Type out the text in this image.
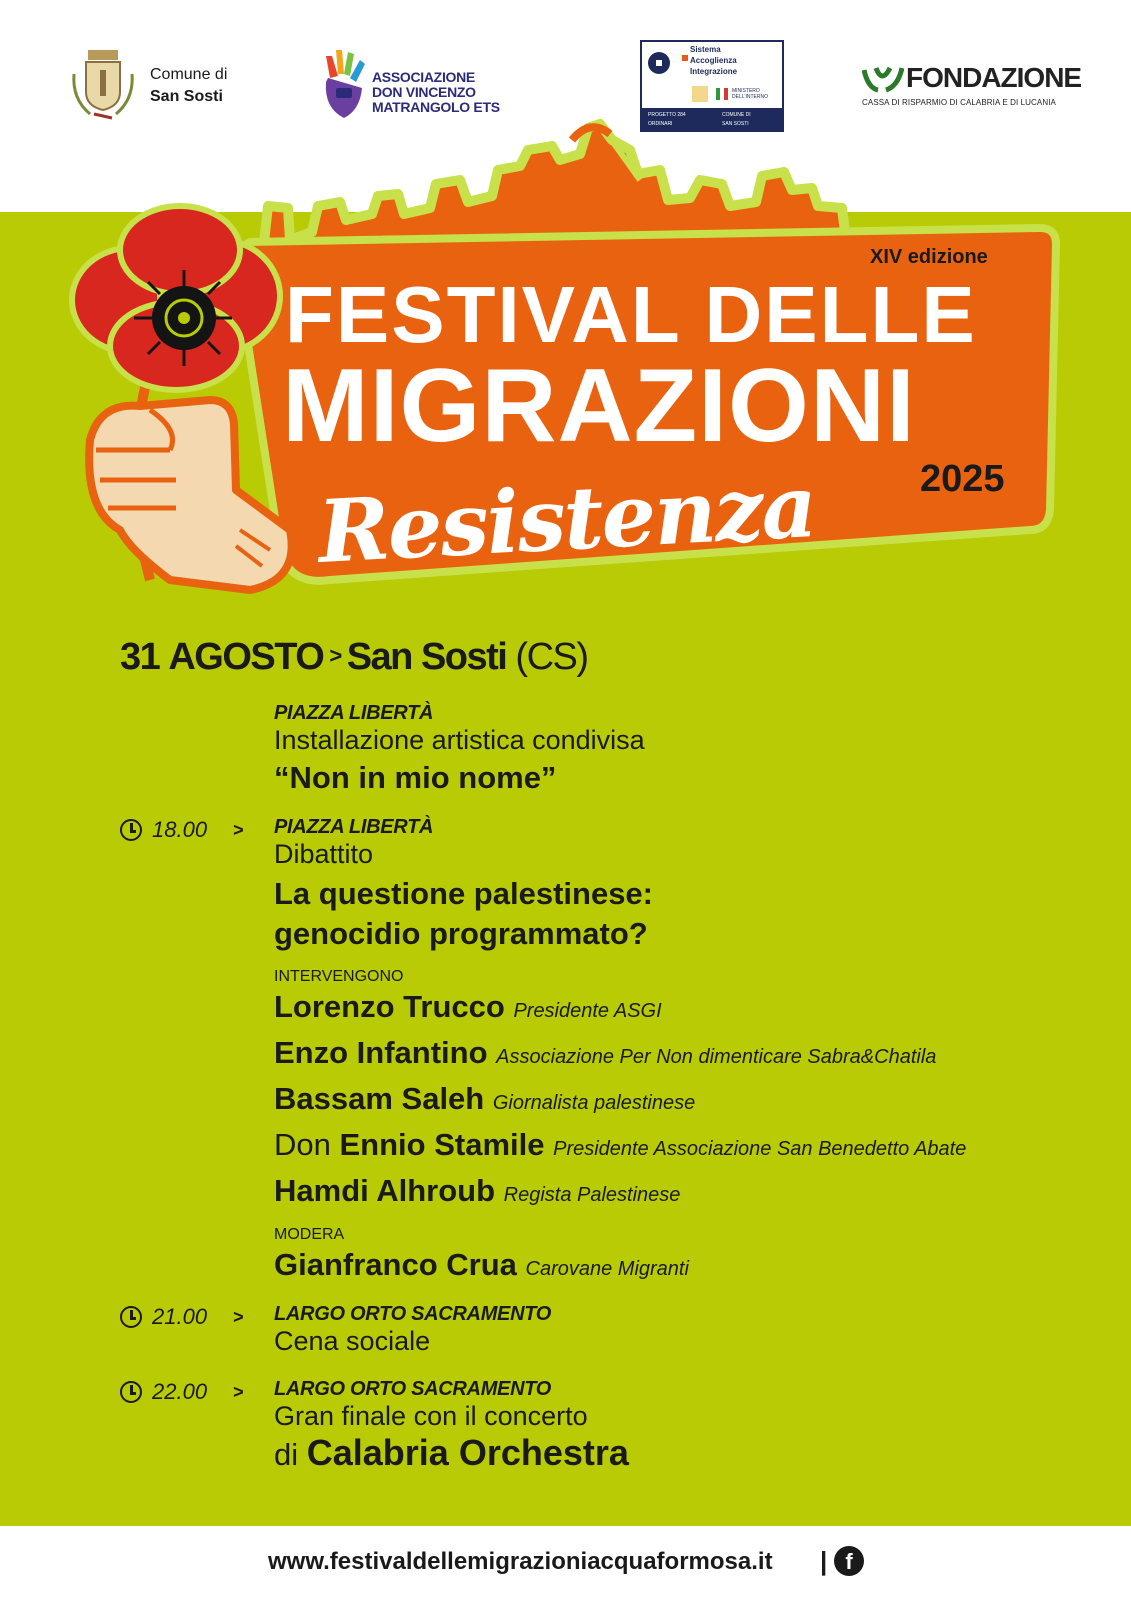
Comune di
San Sosti
ASSOCIAZIONE
DON VINCENZO
MATRANGOLO ETS
Sistema
Accoglienza
Integrazione
MINISTERO DELL'INTERNO
PROGETTO 284	COMUNE DI
ORDINARI	SAN SOSTI
FONDAZIONE
CASSA DI RISPARMIO DI CALABRIA E DI LUCANIA
XIV edizione
FESTIVAL DELLE
MIGRAZIONI
2025
Resistenza
31 AGOSTO > San Sosti (CS)
PIAZZA LIBERTÀ
Installazione artistica condivisa
“Non in mio nome”
18.00 > PIAZZA LIBERTÀ
Dibattito
La questione palestinese:
genocidio programmato?
INTERVENGONO
Lorenzo Trucco Presidente ASGI
Enzo Infantino Associazione Per Non dimenticare Sabra&Chatila
Bassam Saleh Giornalista palestinese
Don Ennio Stamile Presidente Associazione San Benedetto Abate
Hamdi Alhroub Regista Palestinese
MODERA
Gianfranco Crua Carovane Migranti
21.00 > LARGO ORTO SACRAMENTO
Cena sociale
22.00 > LARGO ORTO SACRAMENTO
Gran finale con il concerto
di Calabria Orchestra
www.festivaldellemigrazioniacquaformosa.it | f
